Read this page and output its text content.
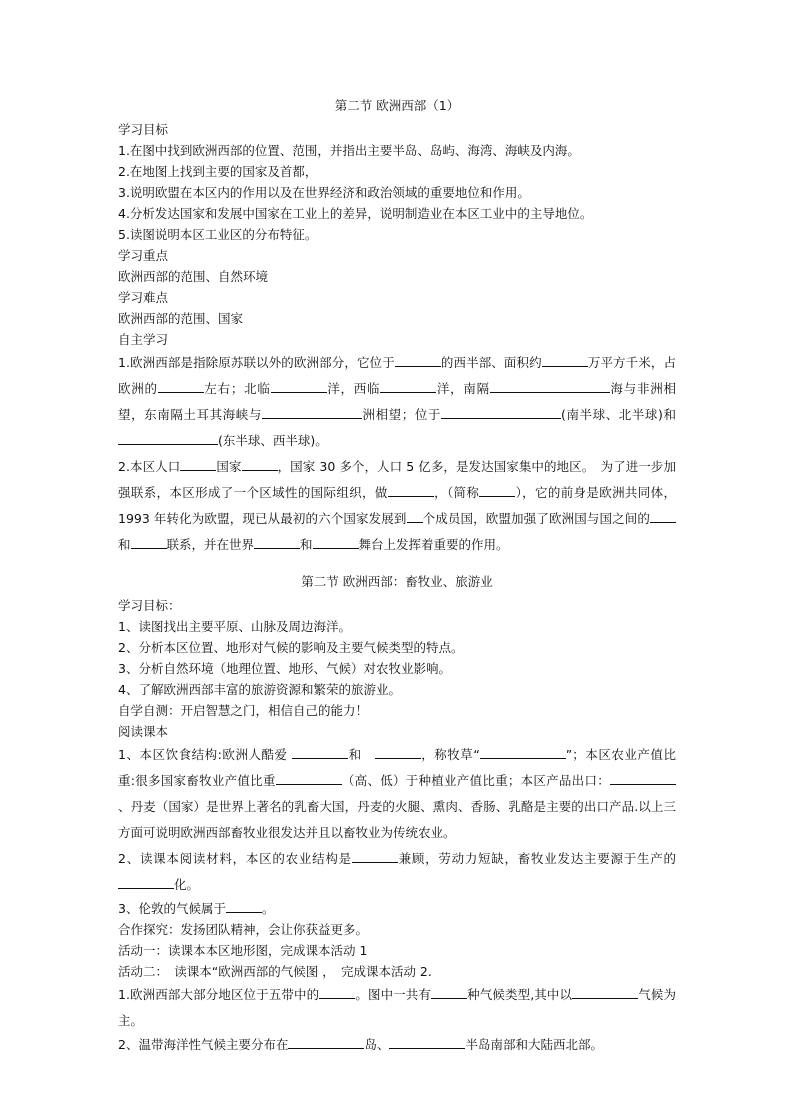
第二节 欧洲西部（1）

学习目标

1.在图中找到欧洲西部的位置、范围，并指出主要半岛、岛屿、海湾、海峡及内海。

2.在地图上找到主要的国家及首都，

3.说明欧盟在本区内的作用以及在世界经济和政治领域的重要地位和作用。

4.分析发达国家和发展中国家在工业上的差异，说明制造业在本区工业中的主导地位。

5.读图说明本区工业区的分布特征。

学习重点

欧洲西部的范围、自然环境

学习难点

欧洲西部的范围、国家

自主学习

1.欧洲西部是指除原苏联以外的欧洲部分，它位于	的西半部、面积约	万平方千米，占欧洲的	左右；北临	洋，西临	洋，南隔	海与非洲相望，东南隔土耳其海峡与	洲相望；位于	(南半球、北半球)和(东半球、西半球)。

2.本区人口	国家	，国家 30 多个，人口 5 亿多，是发达国家集中的地区。　为了进一步加强联系，本区形成了一个区域性的国际组织，做	，（简称	），它的前身是欧洲共同体，1993 年转化为欧盟，现已从最初的六个国家发展到 个成员国，欧盟加强了欧洲国与国之间的和	联系，并在世界	和	舞台上发挥着重要的作用。

第二节 欧洲西部：畜牧业、旅游业

学习目标：

1、读图找出主要平原、山脉及周边海洋。

2、分析本区位置、地形对气候的影响及主要气候类型的特点。

3、分析自然环境（地理位置、地形、气候）对农牧业影响。

4、了解欧洲西部丰富的旅游资源和繁荣的旅游业。

自学自测：开启智慧之门，相信自己的能力！

阅读课本

1、本区饮食结构:欧洲人酷爱	和　	，称牧草“	”；本区农业产值比重:很多国家畜牧业产值比重	（高、低）于种植业产值比重；本区产品出口：、丹麦（国家）是世界上著名的乳畜大国，丹麦的火腿、熏肉、香肠、乳酪是主要的出口产品.以上三方面可说明欧洲西部畜牧业很发达并且以畜牧业为传统农业。

2、读课本阅读材料，本区的农业结构是	兼顾，劳动力短缺，畜牧业发达主要源于生产的化。

3、伦敦的气候属于	。

合作探究：发扬团队精神，会让你获益更多。

活动一：读课本本区地形图，完成课本活动 1

活动二：　读课本“欧洲西部的气候图 ，　完成课本活动 2.

1.欧洲西部大部分地区位于五带中的	。图中一共有	种气候类型,其中以	气候为主。

2、温带海洋性气候主要分布在	岛、	半岛南部和大陆西北部。
